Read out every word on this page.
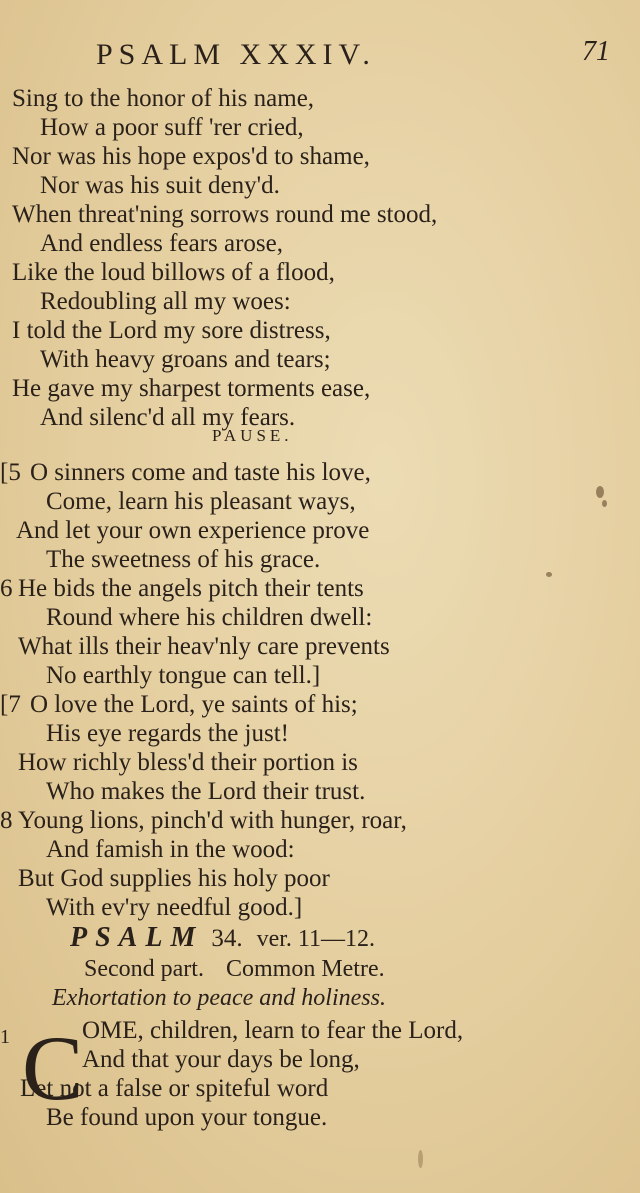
PSALM XXXIV.	71
Sing to the honor of his name,
How a poor suff 'rer cried,
Nor was his hope expos'd to shame,
Nor was his suit deny'd.
When threat'ning sorrows round me stood,
And endless fears arose,
Like the loud billows of a flood,
Redoubling all my woes:
I told the Lord my sore distress,
With heavy groans and tears;
He gave my sharpest torments ease,
And silenc'd all my fears.
PAUSE.
[5 O sinners come and taste his love,
Come, learn his pleasant ways,
And let your own experience prove
The sweetness of his grace.
6 He bids the angels pitch their tents
Round where his children dwell:
What ills their heav'nly care prevents
No earthly tongue can tell.]
[7 O love the Lord, ye saints of his;
His eye regards the just!
How richly bless'd their portion is
Who makes the Lord their trust.
8 Young lions, pinch'd with hunger, roar,
And famish in the wood:
But God supplies his holy poor
With ev'ry needful good.]
PSALM 34. ver. 11—12.
Second part. Common Metre.
Exhortation to peace and holiness.
1 C
OME, children, learn to fear the Lord,
And that your days be long,
Let not a false or spiteful word
Be found upon your tongue.
